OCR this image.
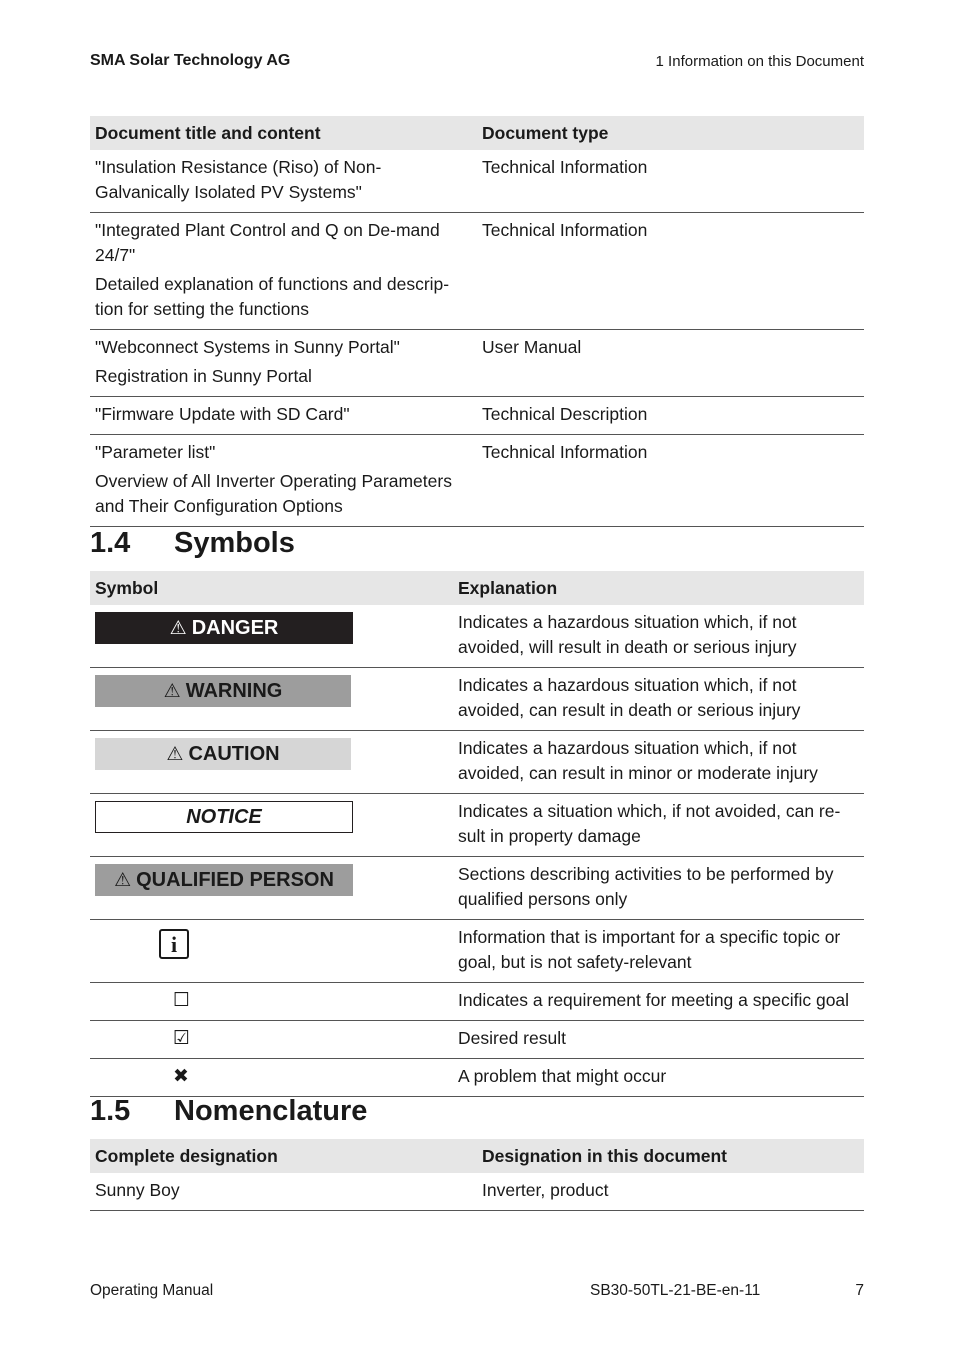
SMA Solar Technology AG	1 Information on this Document
Document title and content	Document type

"Insulation Resistance (Riso) of Non-Galvanically Isolated PV Systems"	Technical Information

"Integrated Plant Control and Q on De-mand 24/7"

Detailed explanation of functions and descrip-tion for setting the functions	Technical Information

"Webconnect Systems in Sunny Portal"

Registration in Sunny Portal	User Manual

"Firmware Update with SD Card"	Technical Description

"Parameter list"

Overview of All Inverter Operating Parameters and Their Configuration Options	Technical Information
1.4 Symbols
Symbol	Explanation

⚠ DANGER	Indicates a hazardous situation which, if not avoided, will result in death or serious injury

⚠ WARNING	Indicates a hazardous situation which, if not avoided, can result in death or serious injury

⚠ CAUTION	Indicates a hazardous situation which, if not avoided, can result in minor or moderate injury

NOTICE	Indicates a situation which, if not avoided, can re-sult in property damage

⚠ QUALIFIED PERSON	Sections describing activities to be performed by qualified persons only

i	Information that is important for a specific topic or goal, but is not safety-relevant
☐	Indicates a requirement for meeting a specific goal
☑	Desired result
✖	A problem that might occur
1.5 Nomenclature
Complete designation	Designation in this document
Sunny Boy	Inverter, product
Operating Manual	SB30-50TL-21-BE-en-11	7
